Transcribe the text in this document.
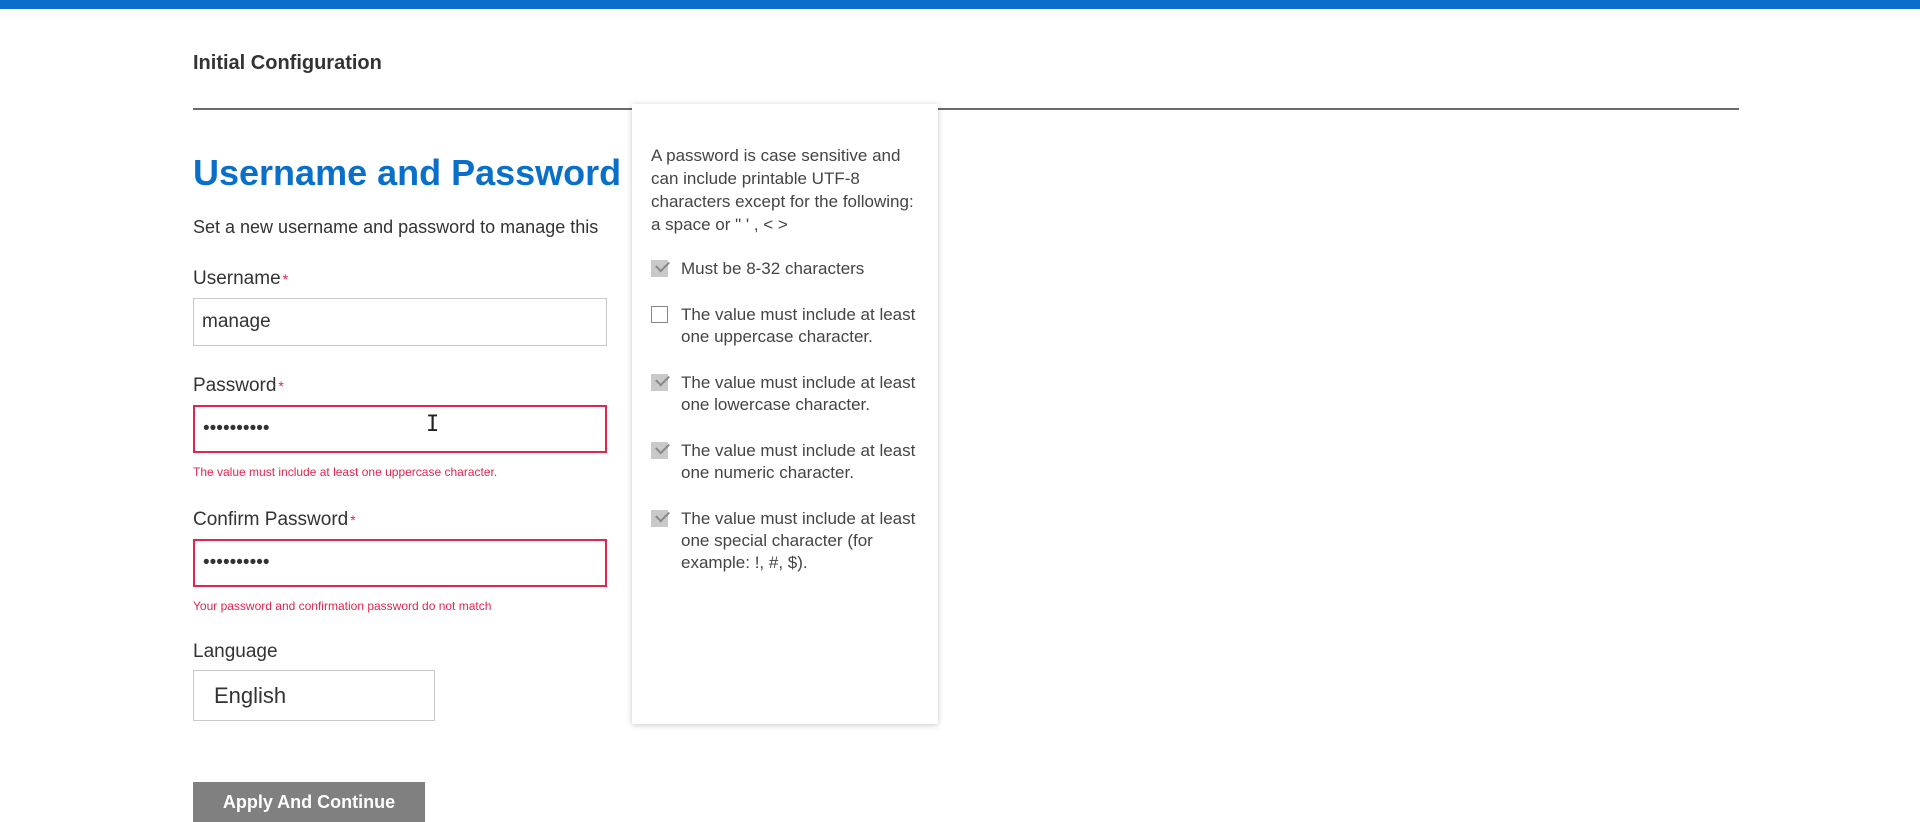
Initial Configuration
Username and Password
Set a new username and password to manage this
Username *
manage
Password *
••••••••••
The value must include at least one uppercase character.
Confirm Password *
••••••••••
Your password and confirmation password do not match
Language
English
Apply And Continue
I
A password is case sensitive and can include printable UTF-8 characters except for the following: a space or " ' , < >
Must be 8-32 characters
The value must include at least one uppercase character.
The value must include at least one lowercase character.
The value must include at least one numeric character.
The value must include at least one special character (for example: !, #, $).
